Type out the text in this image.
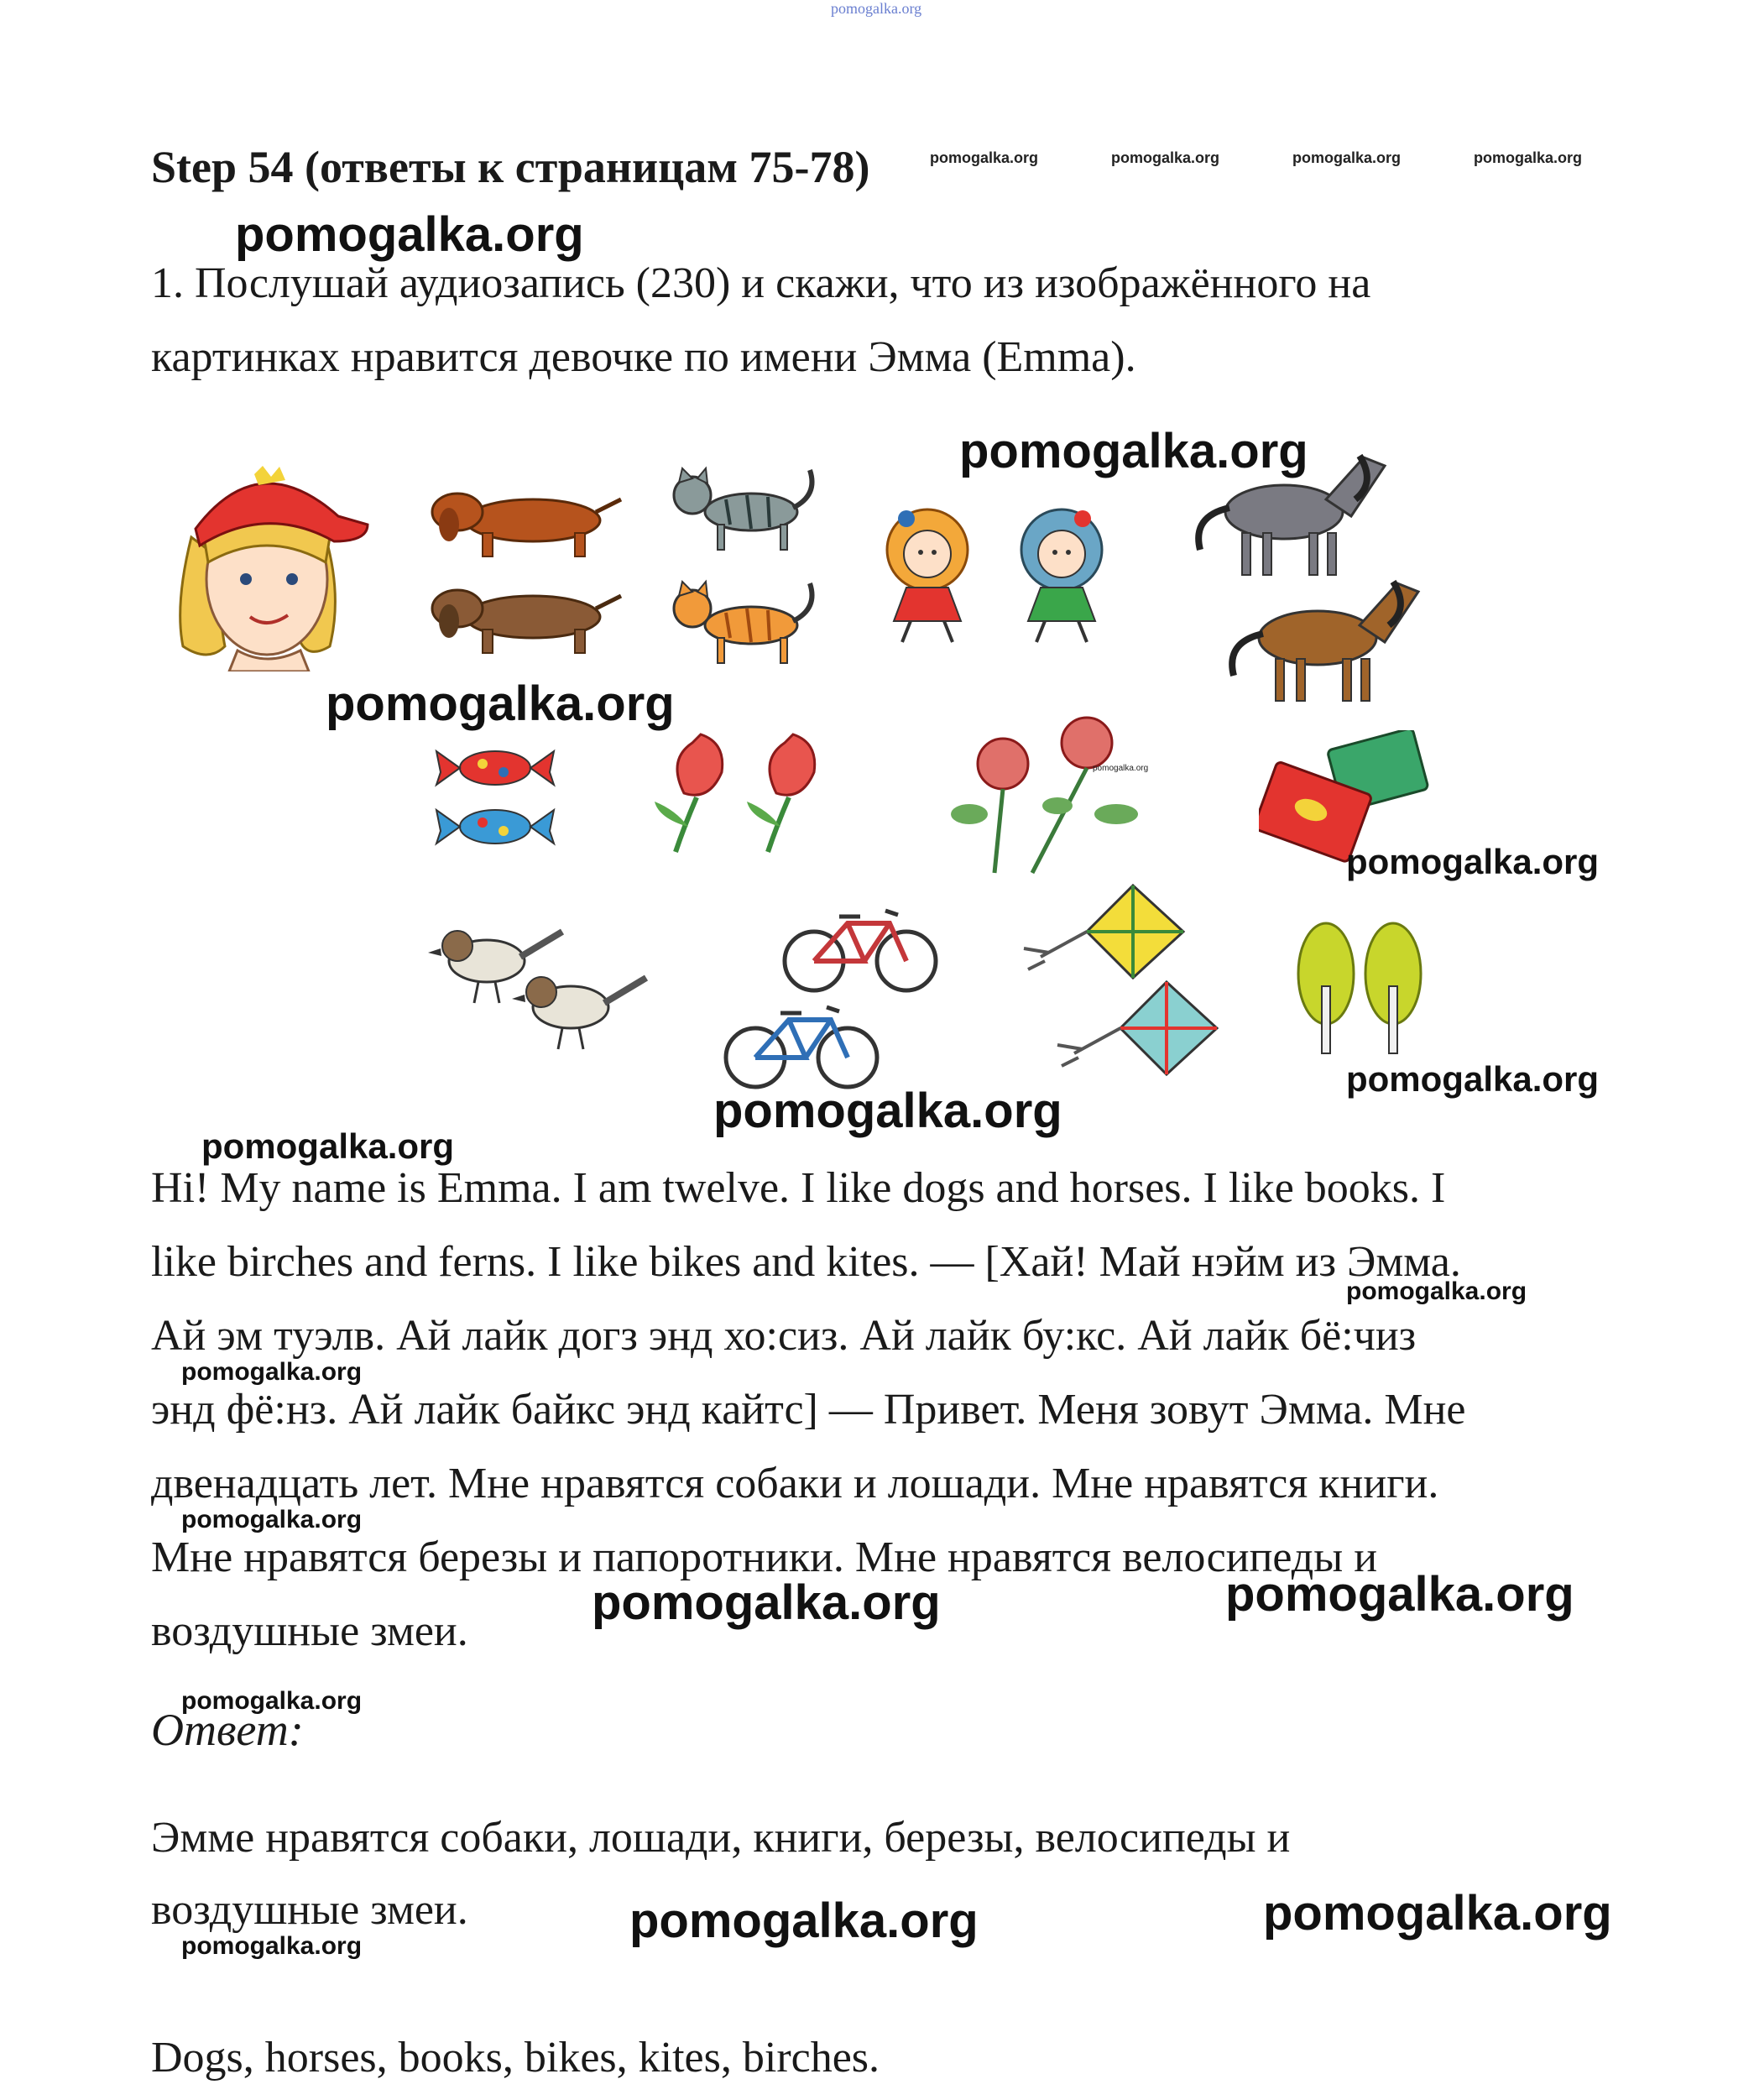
pomogalka.org
Step 54 (ответы к страницам 75-78)	pomogalka.org	pomogalka.org	pomogalka.org	pomogalka.org
pomogalka.org
1. Послушай аудиозапись (230) и скажи, что из изображённого на
картинках нравится девочке по имени Эмма (Emma).
pomogalka.org
pomogalka.org
pomogalka.org
pomogalka.org
pomogalka.org
pomogalka.org
pomogalka.org
Hi! My name is Emma. I am twelve. I like dogs and horses. I like books. I
like birches and ferns. I like bikes and kites. — [Хай! Май нэйм из Эмма.
pomogalka.org
Ай эм туэлв. Ай лайк догз энд хо:сиз. Ай лайк бу:кс. Ай лайк бё:чиз
pomogalka.org
энд фё:нз. Ай лайк байкс энд кайтс] — Привет. Меня зовут Эмма. Мне
двенадцать лет. Мне нравятся собаки и лошади. Мне нравятся книги.
pomogalka.org
Мне нравятся березы и папоротники. Мне нравятся велосипеды и
воздушные змеи.
pomogalka.org	pomogalka.org
pomogalka.org
Ответ:
Эмме нравятся собаки, лошади, книги, березы, велосипеды и
воздушные змеи.
pomogalka.org	pomogalka.org	pomogalka.org
Dogs, horses, books, bikes, kites, birches.
